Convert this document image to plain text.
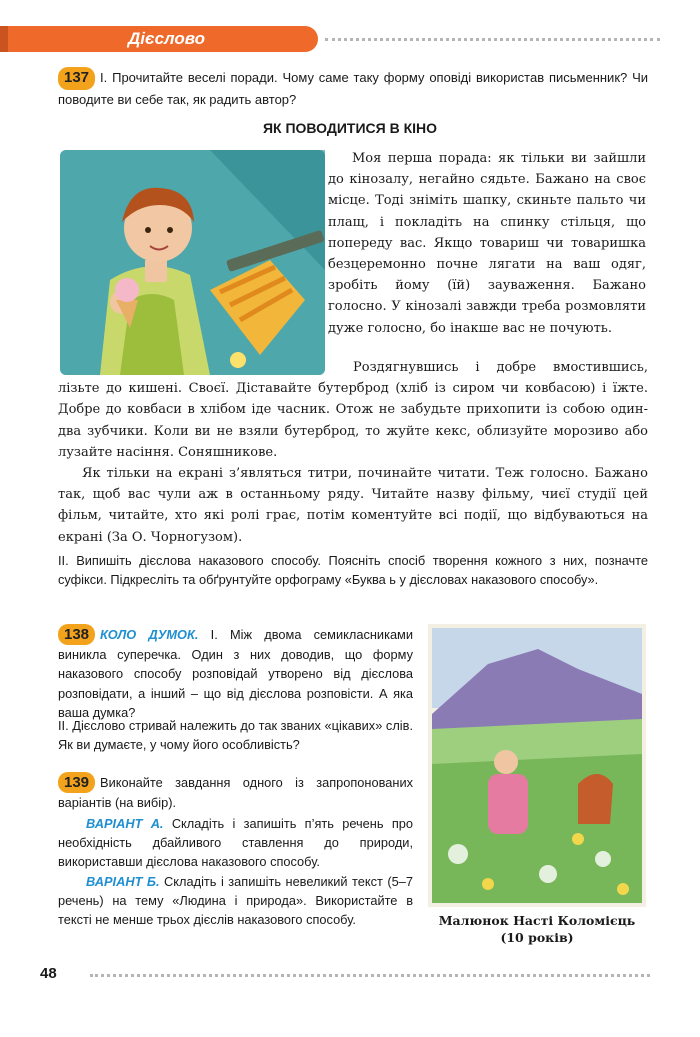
Дієслово
137 І. Прочитайте веселі поради. Чому саме таку форму оповіді використав письменник? Чи поводите ви себе так, як радить автор?
ЯК ПОВОДИТИСЯ В КІНО
Моя перша порада: як тільки ви зайшли до кінозалу, негайно сядьте. Бажано на своє місце. Тоді зніміть шапку, скиньте пальто чи плащ, і покладіть на спинку стільця, що попереду вас. Якщо товариш чи товаришка безцеремонно почне лягати на ваш одяг, зробіть йому (їй) зауваження. Бажано голосно. У кінозалі завжди треба розмовляти дуже голосно, бо інакше вас не почують.
Роздягнувшись і добре вмостившись, лізьте до кишені. Своєї. Діставайте бутерброд (хліб із сиром чи ковбасою) і їжте. Добре до ковбаси в хлібом іде часник. Отож не забудьте прихопити із собою один-два зубчики. Коли ви не взяли бутерброд, то жуйте кекс, облизуйте морозиво або лузайте насіння. Соняшникове.
Як тільки на екрані з’являться титри, починайте читати. Теж голосно. Бажано так, щоб вас чули аж в останньому ряду. Читайте назву фільму, чиєї студії цей фільм, читайте, хто які ролі грає, потім коментуйте всі події, що відбуваються на екрані (За О. Чорногузом).
II. Випишіть дієслова наказового способу. Поясніть спосіб творення кожного з них, позначте суфікси. Підкресліть та обґрунтуйте орфограму «Буква ь у дієсловах наказового способу».
138 КОЛО ДУМОК. І. Між двома семикласниками виникла суперечка. Один з них доводив, що форму наказового способу розповідай утворено від дієслова розповідати, а інший – що від дієслова розповісти. А яка ваша думка?
II. Дієслово стривай належить до так званих «цікавих» слів. Як ви думаєте, у чому його особливість?
139 Виконайте завдання одного із запропонованих варіантів (на вибір).
ВАРІАНТ А. Складіть і запишіть п’ять речень про необхідність дбайливого ставлення до природи, використавши дієслова наказового способу.
ВАРІАНТ Б. Складіть і запишіть невеликий текст (5–7 речень) на тему «Людина і природа». Використайте в тексті не менше трьох дієслів наказового способу.	Малюнок Насті Коломієць
(10 років)
48
